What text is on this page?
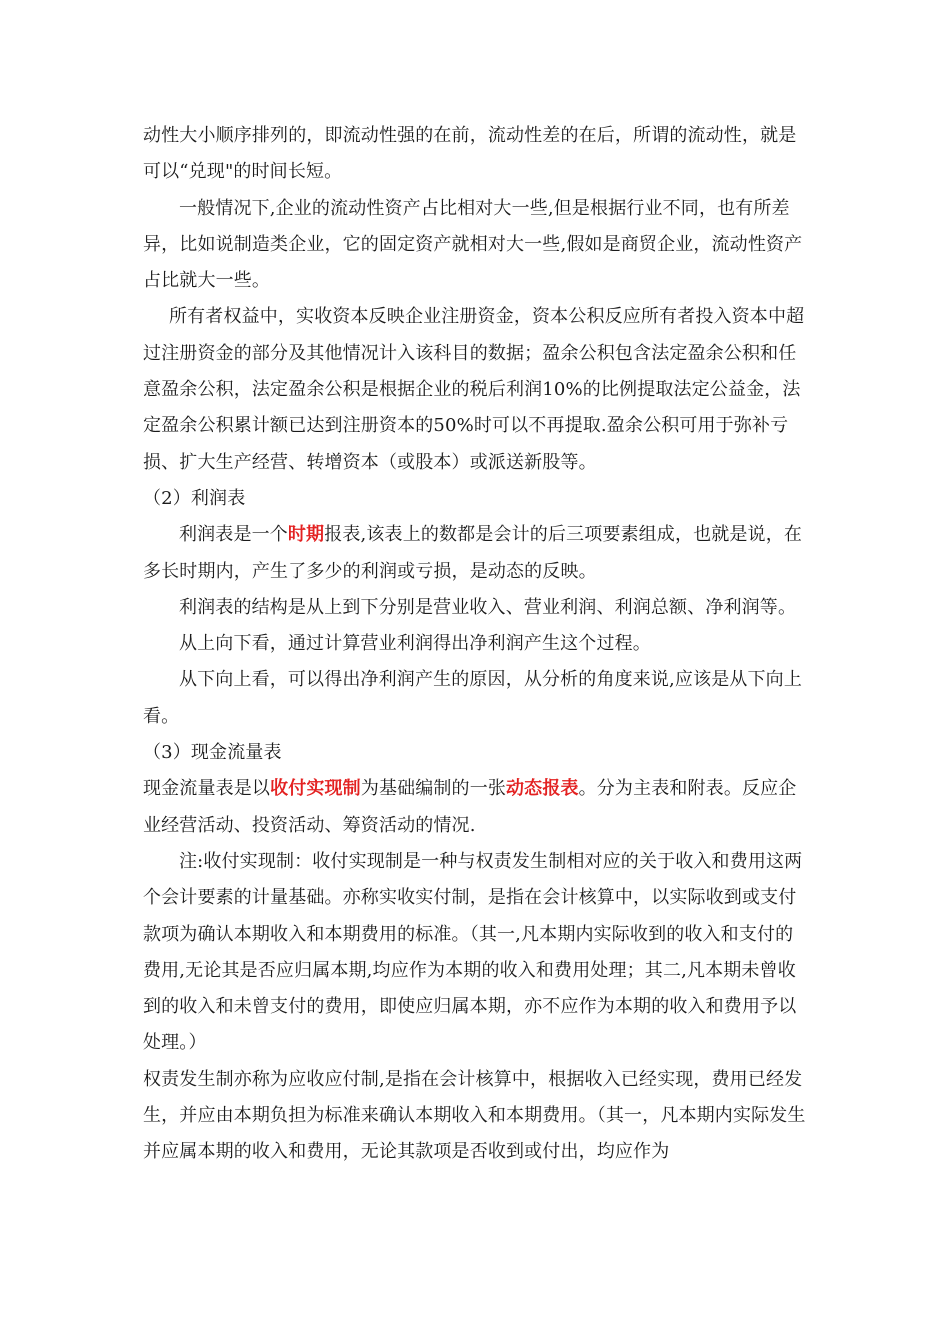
动性大小顺序排列的，即流动性强的在前，流动性差的在后，所谓的流动性，就是可以“兑现"的时间长短。

一般情况下,企业的流动性资产占比相对大一些,但是根据行业不同，也有所差异，比如说制造类企业，它的固定资产就相对大一些,假如是商贸企业，流动性资产占比就大一些。

所有者权益中，实收资本反映企业注册资金，资本公积反应所有者投入资本中超过注册资金的部分及其他情况计入该科目的数据；盈余公积包含法定盈余公积和任意盈余公积，法定盈余公积是根据企业的税后利润10%的比例提取法定公益金，法定盈余公积累计额已达到注册资本的50%时可以不再提取.盈余公积可用于弥补亏损、扩大生产经营、转增资本（或股本）或派送新股等。

（2）利润表

利润表是一个时期报表,该表上的数都是会计的后三项要素组成，也就是说，在多长时期内，产生了多少的利润或亏损，是动态的反映。

利润表的结构是从上到下分别是营业收入、营业利润、利润总额、净利润等。

从上向下看，通过计算营业利润得出净利润产生这个过程。

从下向上看，可以得出净利润产生的原因，从分析的角度来说,应该是从下向上看。

（3）现金流量表

现金流量表是以收付实现制为基础编制的一张动态报表。分为主表和附表。反应企业经营活动、投资活动、筹资活动的情况.

注:收付实现制：收付实现制是一种与权责发生制相对应的关于收入和费用这两个会计要素的计量基础。亦称实收实付制，是指在会计核算中，以实际收到或支付款项为确认本期收入和本期费用的标准。（其一,凡本期内实际收到的收入和支付的费用,无论其是否应归属本期,均应作为本期的收入和费用处理；其二,凡本期未曾收到的收入和未曾支付的费用，即使应归属本期，亦不应作为本期的收入和费用予以处理。）

权责发生制亦称为应收应付制,是指在会计核算中，根据收入已经实现，费用已经发生，并应由本期负担为标准来确认本期收入和本期费用。（其一，凡本期内实际发生并应属本期的收入和费用，无论其款项是否收到或付出，均应作为
